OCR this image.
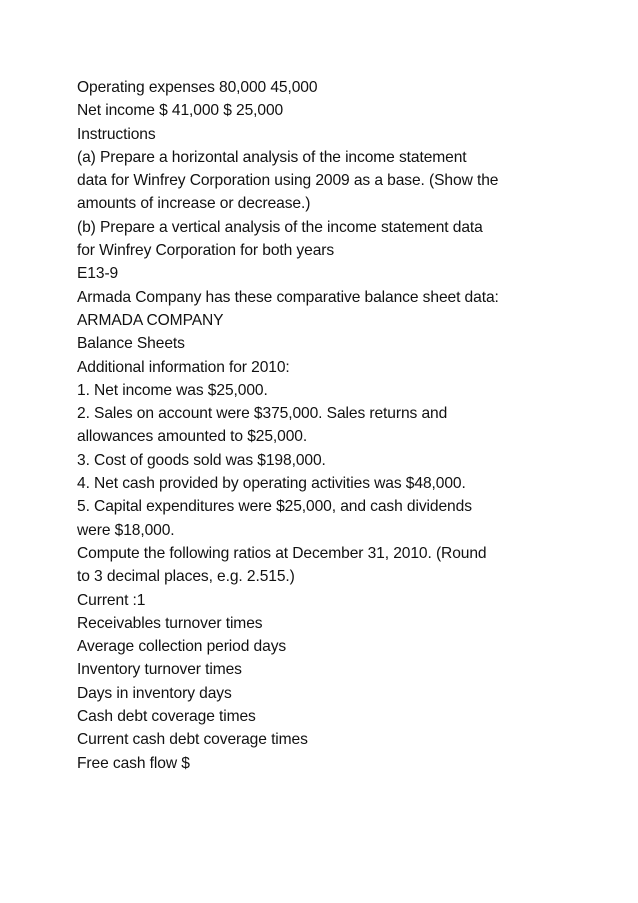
Operating expenses 80,000 45,000
Net income $ 41,000 $ 25,000
Instructions
(a) Prepare a horizontal analysis of the income statement
data for Winfrey Corporation using 2009 as a base. (Show the
amounts of increase or decrease.)
(b) Prepare a vertical analysis of the income statement data
for Winfrey Corporation for both years
E13-9
Armada Company has these comparative balance sheet data:
ARMADA COMPANY
Balance Sheets
Additional information for 2010:
1. Net income was $25,000.
2. Sales on account were $375,000. Sales returns and
allowances amounted to $25,000.
3. Cost of goods sold was $198,000.
4. Net cash provided by operating activities was $48,000.
5. Capital expenditures were $25,000, and cash dividends
were $18,000.
Compute the following ratios at December 31, 2010. (Round
to 3 decimal places, e.g. 2.515.)
Current :1
Receivables turnover times
Average collection period days
Inventory turnover times
Days in inventory days
Cash debt coverage times
Current cash debt coverage times
Free cash flow $
